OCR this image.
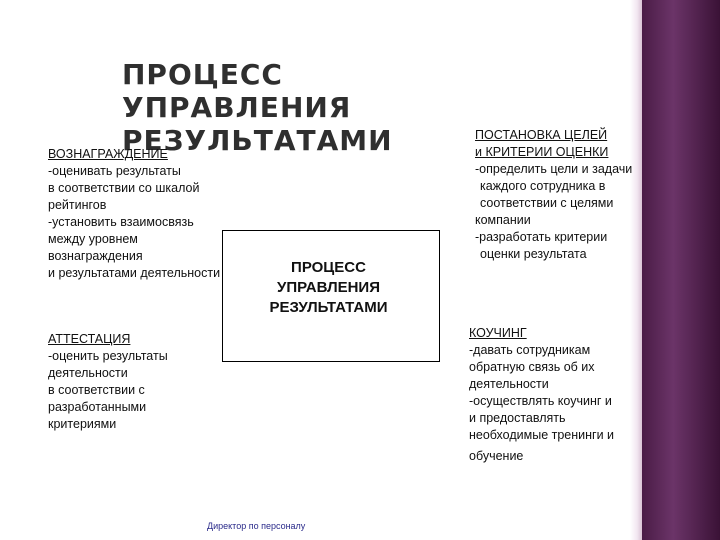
ПРОЦЕСС УПРАВЛЕНИЯ
РЕЗУЛЬТАТАМИ
ПРОЦЕСС
УПРАВЛЕНИЯ
РЕЗУЛЬТАТАМИ
ВОЗНАГРАЖДЕНИЕ
-оценивать результаты
в соответствии со шкалой
рейтингов
-установить взаимосвязь
между уровнем
вознаграждения
и результатами деятельности
ПОСТАНОВКА ЦЕЛЕЙ
и КРИТЕРИИ ОЦЕНКИ
-определить цели и задачи
каждого сотрудника в
соответствии с целями
компании
-разработать критерии
оценки результата
АТТЕСТАЦИЯ
-оценить результаты
деятельности
в соответствии с
разработанными
критериями
КОУЧИНГ
-давать сотрудникам
обратную связь об их
деятельности
-осуществлять коучинг и
и предоставлять
необходимые тренинги и
обучение
Директор по персоналу
